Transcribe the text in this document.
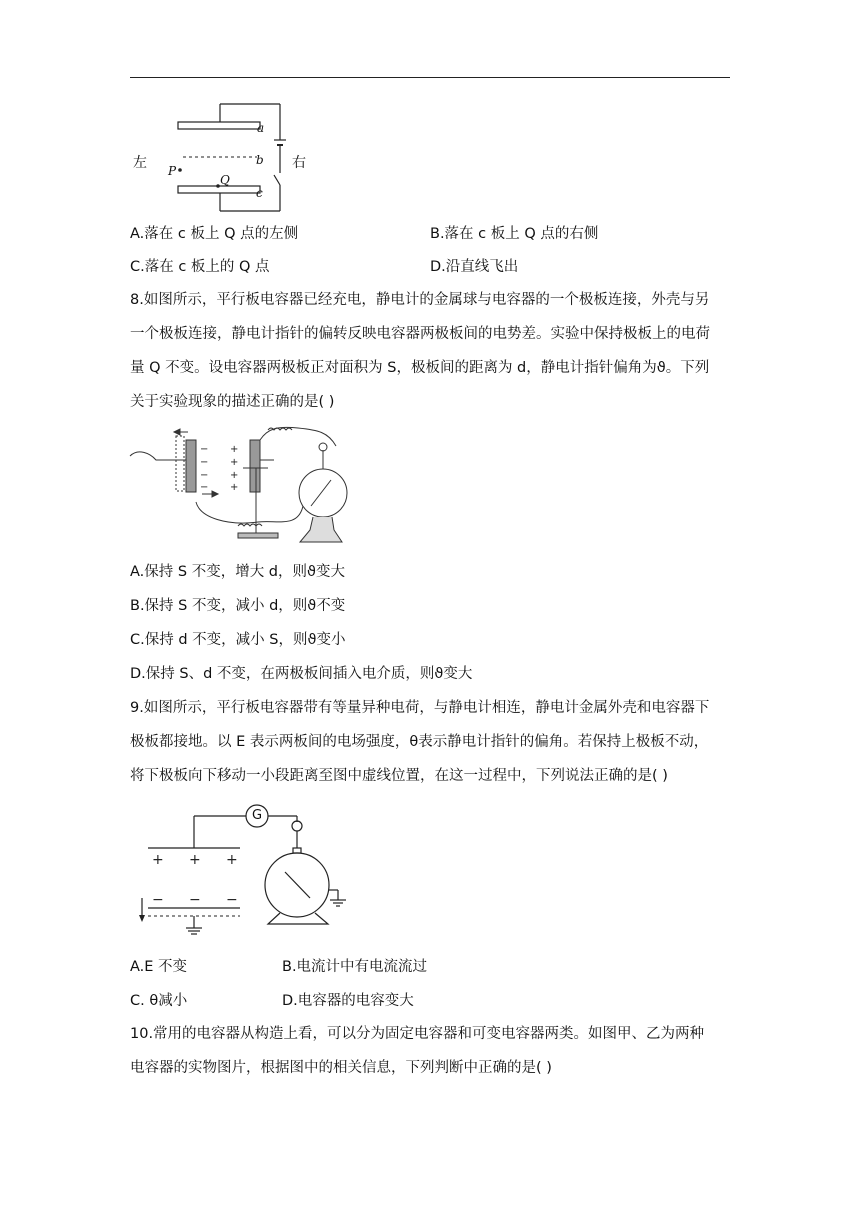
左	右
a
b
c
P
Q
A.落在 c 板上 Q 点的左侧	B.落在 c 板上 Q 点的右侧
C.落在 c 板上的 Q 点	D.沿直线飞出
8.如图所示，平行板电容器已经充电，静电计的金属球与电容器的一个极板连接，外壳与另
一个极板连接，静电计指针的偏转反映电容器两极板间的电势差。实验中保持极板上的电荷
量 Q 不变。设电容器两极板正对面积为 S，极板间的距离为 d，静电计指针偏角为ϑ。下列
关于实验现象的描述正确的是( )
−
−
−
−
+
+
+
+
A.保持 S 不变，增大 d，则ϑ变大
B.保持 S 不变，减小 d，则ϑ不变
C.保持 d 不变，减小 S，则ϑ变小
D.保持 S、d 不变，在两极板间插入电介质，则ϑ变大
9.如图所示，平行板电容器带有等量异种电荷，与静电计相连，静电计金属外壳和电容器下
极板都接地。以 E 表示两板间的电场强度，θ表示静电计指针的偏角。若保持上极板不动，
将下极板向下移动一小段距离至图中虚线位置，在这一过程中，下列说法正确的是( )
+ + +
− − −
G
A.E 不变	B.电流计中有电流流过
C. θ减小	D.电容器的电容变大
10.常用的电容器从构造上看，可以分为固定电容器和可变电容器两类。如图甲、乙为两种
电容器的实物图片，根据图中的相关信息，下列判断中正确的是( )
